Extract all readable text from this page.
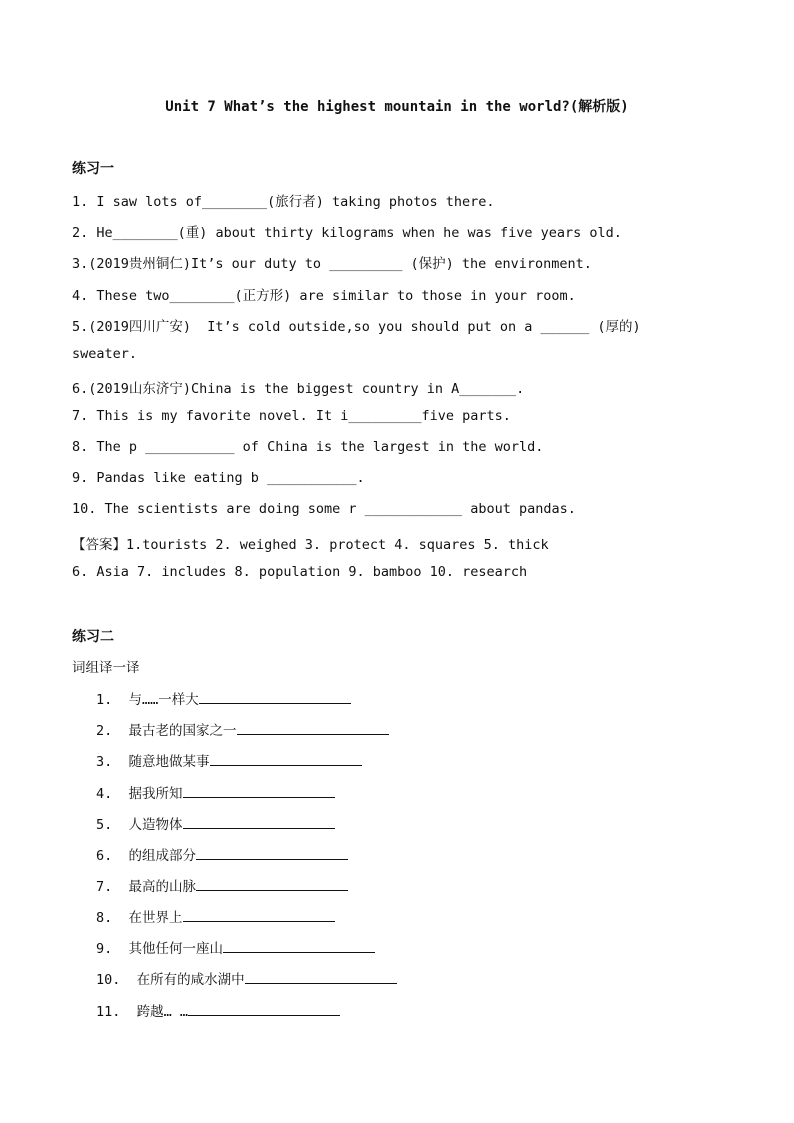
Unit 7 What’s the highest mountain in the world?(解析版)
练习一
1. I saw lots of________(旅行者) taking photos there.
2. He________(重) about thirty kilograms when he was five years old.
3.(2019贵州铜仁)It’s our duty to _________ (保护) the environment.
4. These two________(正方形) are similar to those in your room.
5.(2019四川广安)  It’s cold outside,so you should put on a ______ (厚的)
sweater.
6.(2019山东济宁)China is the biggest country in A_______.
7. This is my favorite novel. It i_________five parts.
8. The p ___________ of China is the largest in the world.
9. Pandas like eating b ___________.
10. The scientists are doing some r ____________ about pandas.
【答案】1.tourists 2. weighed 3. protect 4. squares 5. thick
6. Asia 7. includes 8. population 9. bamboo 10. research
练习二
词组译一译
1.  与……一样大
2.  最古老的国家之一
3.  随意地做某事
4.  据我所知
5.  人造物体
6.  的组成部分
7.  最高的山脉
8.  在世界上
9.  其他任何一座山
10.  在所有的咸水湖中
11.  跨越… …
